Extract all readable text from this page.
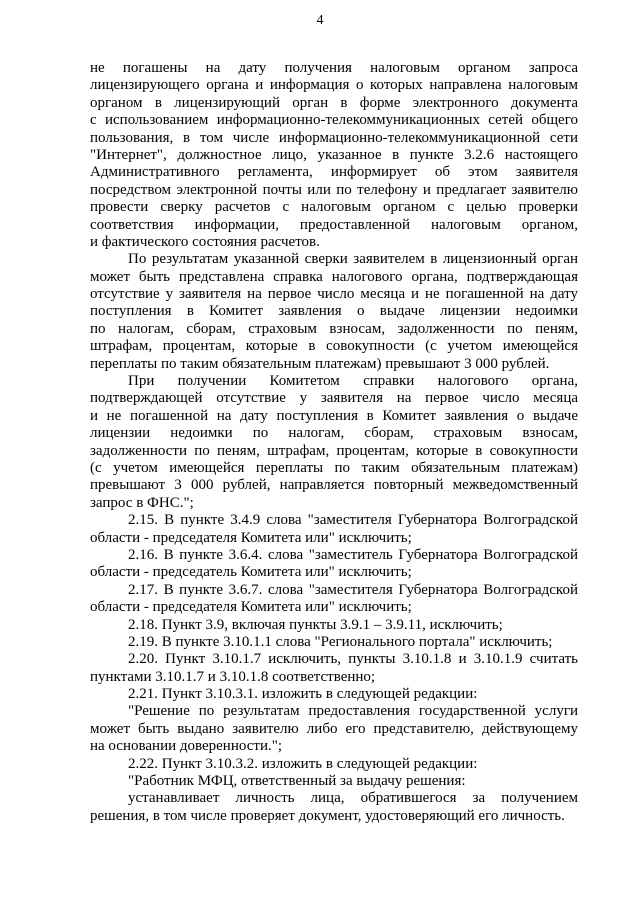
4
не погашены на дату получения налоговым органом запроса
лицензирующего органа и информация о которых направлена налоговым
органом в лицензирующий орган в форме электронного документа
с использованием информационно-телекоммуникационных сетей общего
пользования, в том числе информационно-телекоммуникационной сети
"Интернет", должностное лицо, указанное в пункте 3.2.6 настоящего
Административного регламента, информирует об этом заявителя
посредством электронной почты или по телефону и предлагает заявителю
провести сверку расчетов с налоговым органом с целью проверки
соответствия информации, предоставленной налоговым органом,
и фактического состояния расчетов.
По результатам указанной сверки заявителем в лицензионный орган
может быть представлена справка налогового органа, подтверждающая
отсутствие у заявителя на первое число месяца и не погашенной на дату
поступления в Комитет заявления о выдаче лицензии недоимки
по налогам, сборам, страховым взносам, задолженности по пеням,
штрафам, процентам, которые в совокупности (с учетом имеющейся
переплаты по таким обязательным платежам) превышают 3 000 рублей.
При получении Комитетом справки налогового органа,
подтверждающей отсутствие у заявителя на первое число месяца
и не погашенной на дату поступления в Комитет заявления о выдаче
лицензии недоимки по налогам, сборам, страховым взносам,
задолженности по пеням, штрафам, процентам, которые в совокупности
(с учетом имеющейся переплаты по таким обязательным платежам)
превышают 3 000 рублей, направляется повторный межведомственный
запрос в ФНС.";
2.15. В пункте 3.4.9 слова "заместителя Губернатора Волгоградской
области - председателя Комитета или" исключить;
2.16. В пункте 3.6.4. слова "заместитель Губернатора Волгоградской
области - председатель Комитета или" исключить;
2.17. В пункте 3.6.7. слова "заместителя Губернатора Волгоградской
области - председателя Комитета или" исключить;
2.18. Пункт 3.9, включая пункты 3.9.1 – 3.9.11, исключить;
2.19. В пункте 3.10.1.1 слова "Регионального портала" исключить;
2.20. Пункт 3.10.1.7 исключить, пункты 3.10.1.8 и 3.10.1.9 считать
пунктами 3.10.1.7 и 3.10.1.8 соответственно;
2.21. Пункт 3.10.3.1. изложить в следующей редакции:
"Решение по результатам предоставления государственной услуги
может быть выдано заявителю либо его представителю, действующему
на основании доверенности.";
2.22. Пункт 3.10.3.2. изложить в следующей редакции:
"Работник МФЦ, ответственный за выдачу решения:
устанавливает личность лица, обратившегося за получением
решения, в том числе проверяет документ, удостоверяющий его личность.
